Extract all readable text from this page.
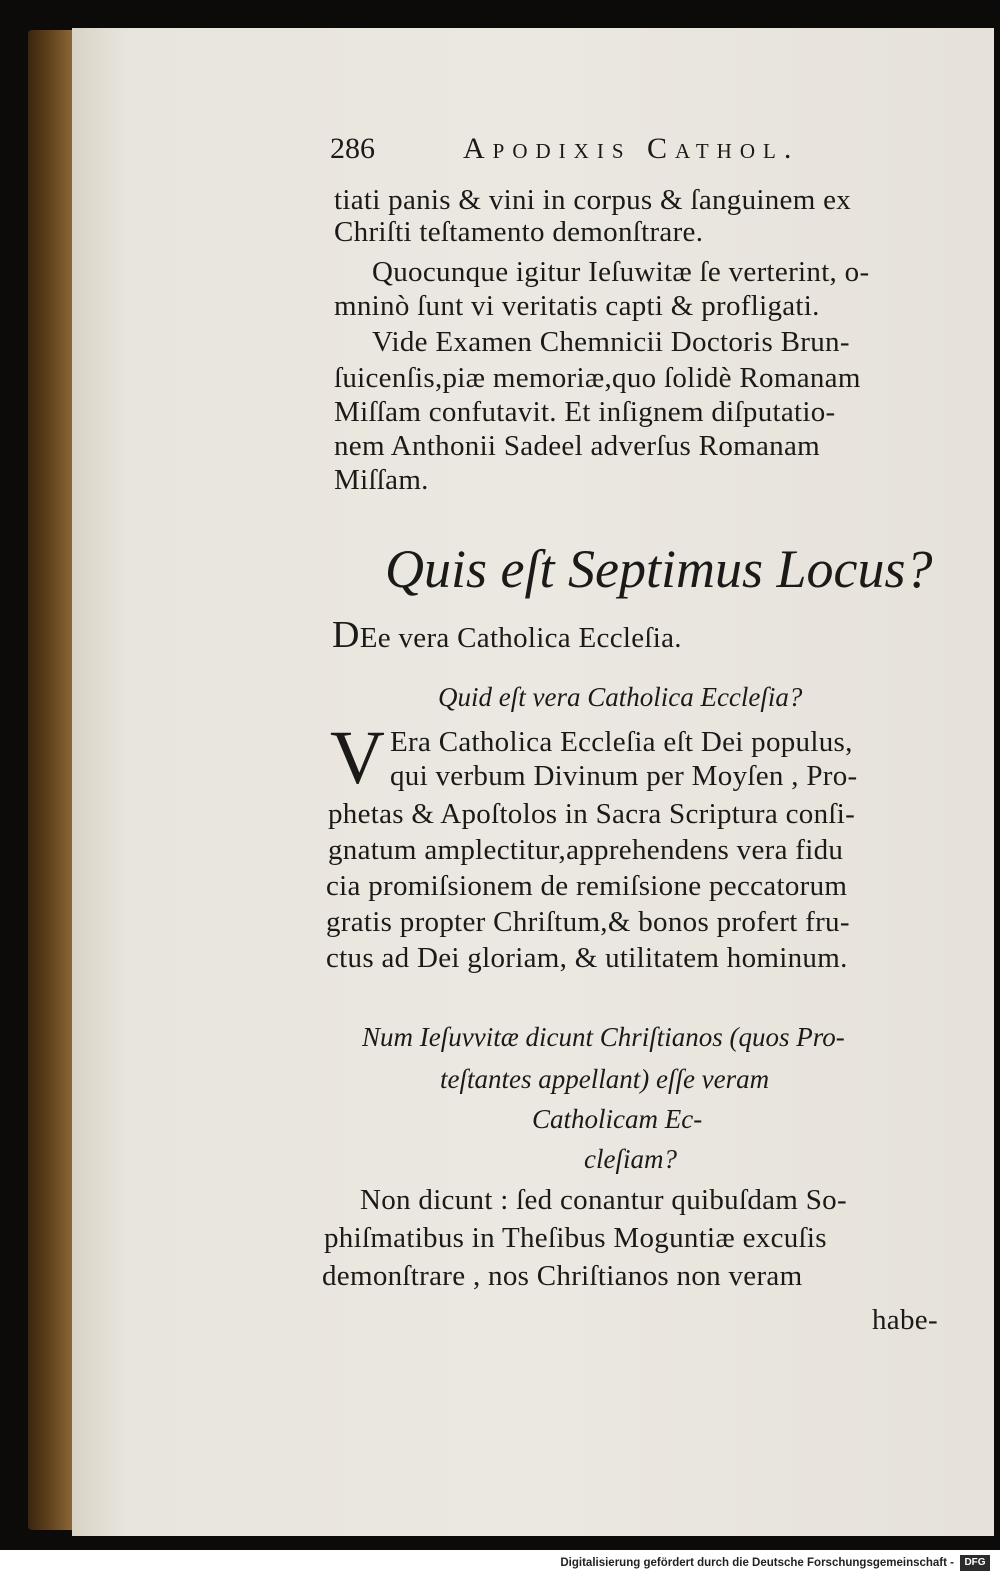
286	Apodixis Cathol.
tiati panis & vini in corpus & ſanguinem ex
Chriſti teſtamento demonſtrare.
Quocunque igitur Ieſuwitæ ſe verterint, o-
mninò ſunt vi veritatis capti & profligati.
Vide Examen Chemnicii Doctoris Brun-
ſuicenſis,piæ memoriæ,quo ſolidè Romanam
Miſſam confutavit. Et inſignem diſputatio-
nem Anthonii Sadeel adverſus Romanam
Miſſam.
Quis eſt Septimus Locus?
DEe vera Catholica Eccleſia.
Quid eſt vera Catholica Eccleſia?
V Era Catholica Eccleſia eſt Dei populus,
qui verbum Divinum per Moyſen , Pro-
phetas & Apoſtolos in Sacra Scriptura conſi-
gnatum amplectitur,apprehendens vera fidu
cia promiſsionem de remiſsione peccatorum
gratis propter Chriſtum,& bonos profert fru-
ctus ad Dei gloriam, & utilitatem hominum.
Num Ieſuvvitæ dicunt Chriſtianos (quos Pro-
teſtantes appellant) eſſe veram
Catholicam Ec-
cleſiam?
Non dicunt : ſed conantur quibuſdam So-
phiſmatibus in Theſibus Moguntiæ excuſis
demonſtrare , nos Chriſtianos non veram
habe-
Digitalisierung gefördert durch die Deutsche Forschungsgemeinschaft -	DFG
